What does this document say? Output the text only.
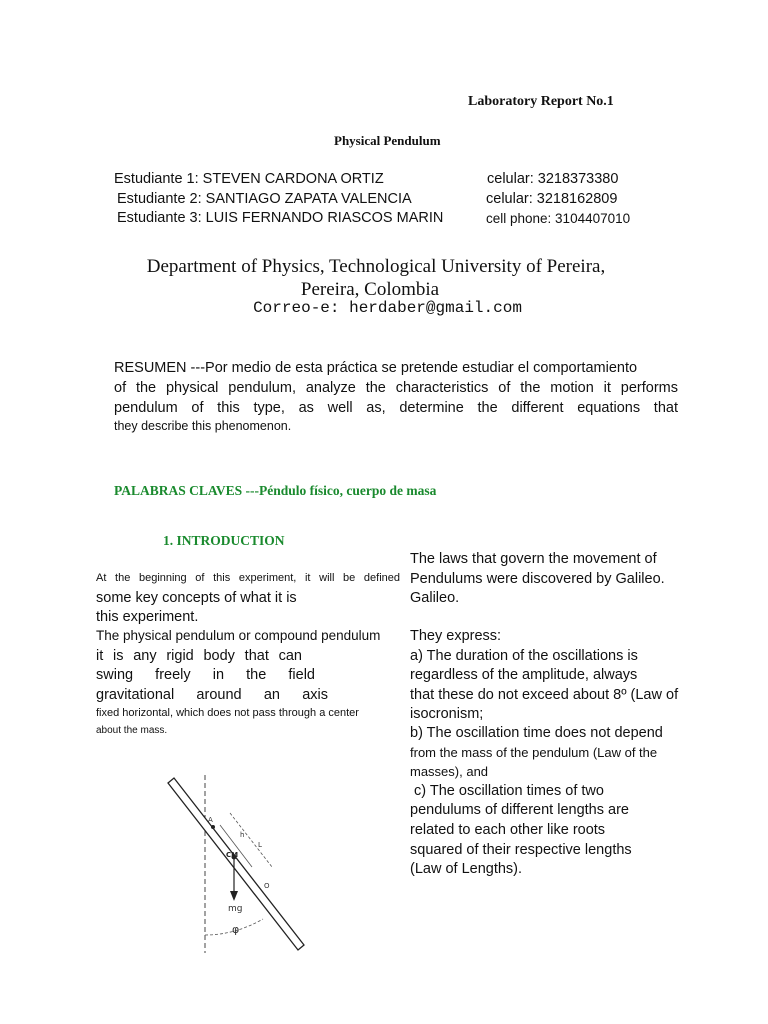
Laboratory Report No.1
Physical Pendulum
Estudiante 1: STEVEN CARDONA ORTIZ
Estudiante 2: SANTIAGO ZAPATA VALENCIA
Estudiante 3: LUIS FERNANDO RIASCOS MARIN
celular: 3218373380
celular: 3218162809
cell phone: 3104407010
Department of Physics, Technological University of Pereira,
Pereira, Colombia
Correo-e: herdaber@gmail.com
RESUMEN ---Por medio de esta práctica se pretende estudiar el comportamiento
of the physical pendulum, analyze the characteristics of the motion it performs
pendulum of this type, as well as, determine the different equations that
they describe this phenomenon.
PALABRAS CLAVES ---Péndulo físico, cuerpo de masa
1. INTRODUCTION
At the beginning of this experiment, it will be defined
some key concepts of what it is
this experiment.
The physical pendulum or compound pendulum
it is any rigid body that can
swing freely in the field
gravitational around an axis
fixed horizontal, which does not pass through a center
about the mass.
The laws that govern the movement of
Pendulums were discovered by Galileo.
Galileo.
They express:
a) The duration of the oscillations is
regardless of the amplitude, always
that these do not exceed about 8º (Law of
isocronism;
b) The oscillation time does not depend
from the mass of the pendulum (Law of the
masses), and
c) The oscillation times of two
pendulums of different lengths are
related to each other like roots
squared of their respective lengths
(Law of Lengths).
A
CM
h
L
O
mg
φ
